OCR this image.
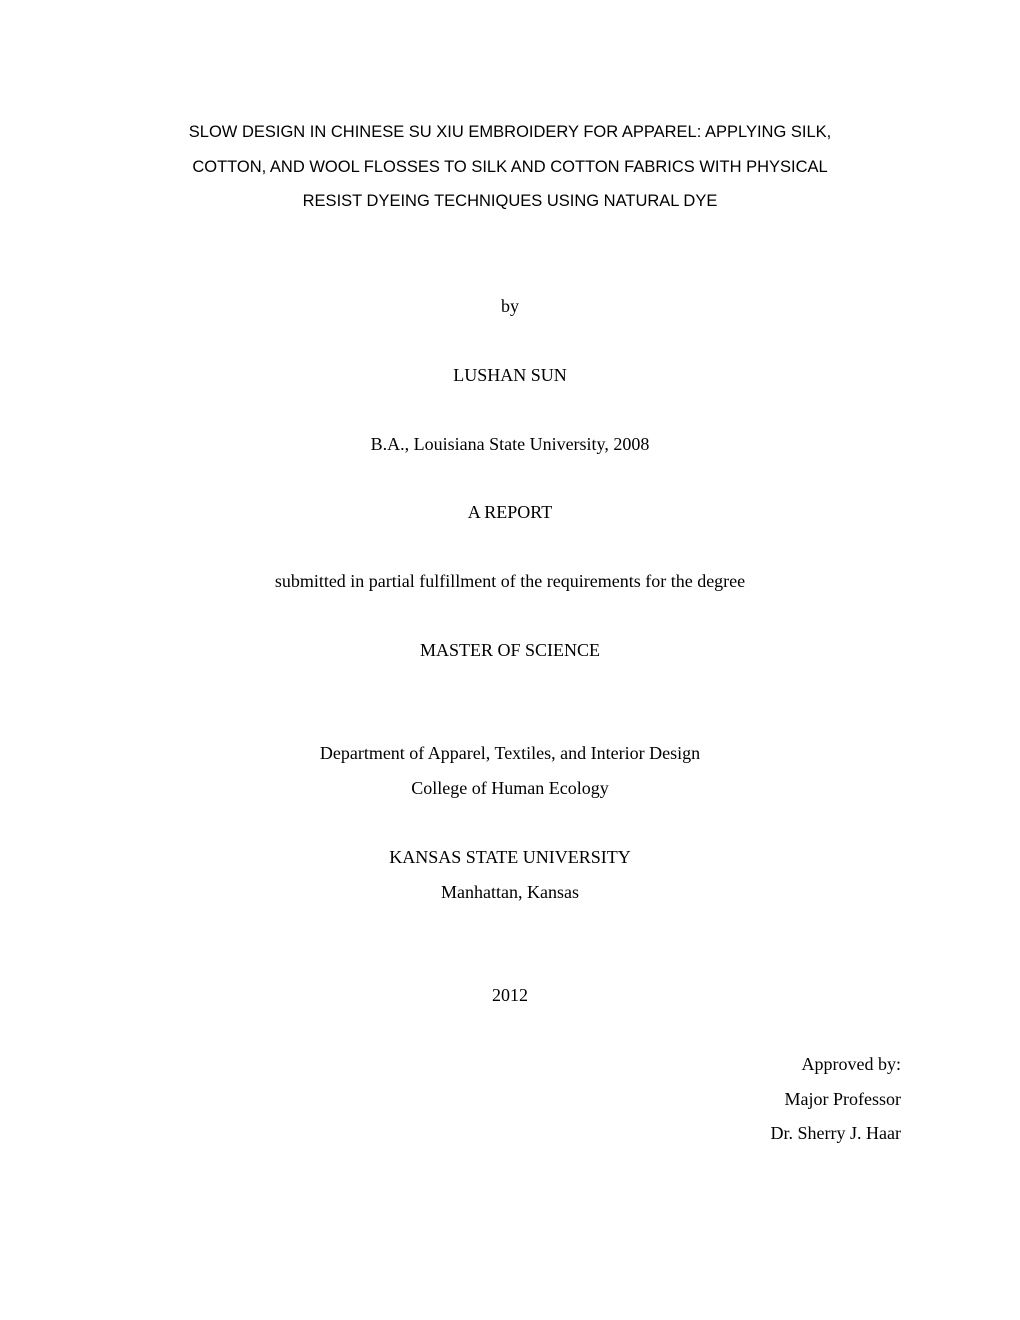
SLOW DESIGN IN CHINESE SU XIU EMBROIDERY FOR APPAREL: APPLYING SILK,
COTTON, AND WOOL FLOSSES TO SILK AND COTTON FABRICS WITH PHYSICAL
RESIST DYEING TECHNIQUES USING NATURAL DYE
by
LUSHAN SUN
B.A., Louisiana State University, 2008
A REPORT
submitted in partial fulfillment of the requirements for the degree
MASTER OF SCIENCE
Department of Apparel, Textiles, and Interior Design
College of Human Ecology
KANSAS STATE UNIVERSITY
Manhattan, Kansas
2012
Approved by:
Major Professor
Dr. Sherry J. Haar
